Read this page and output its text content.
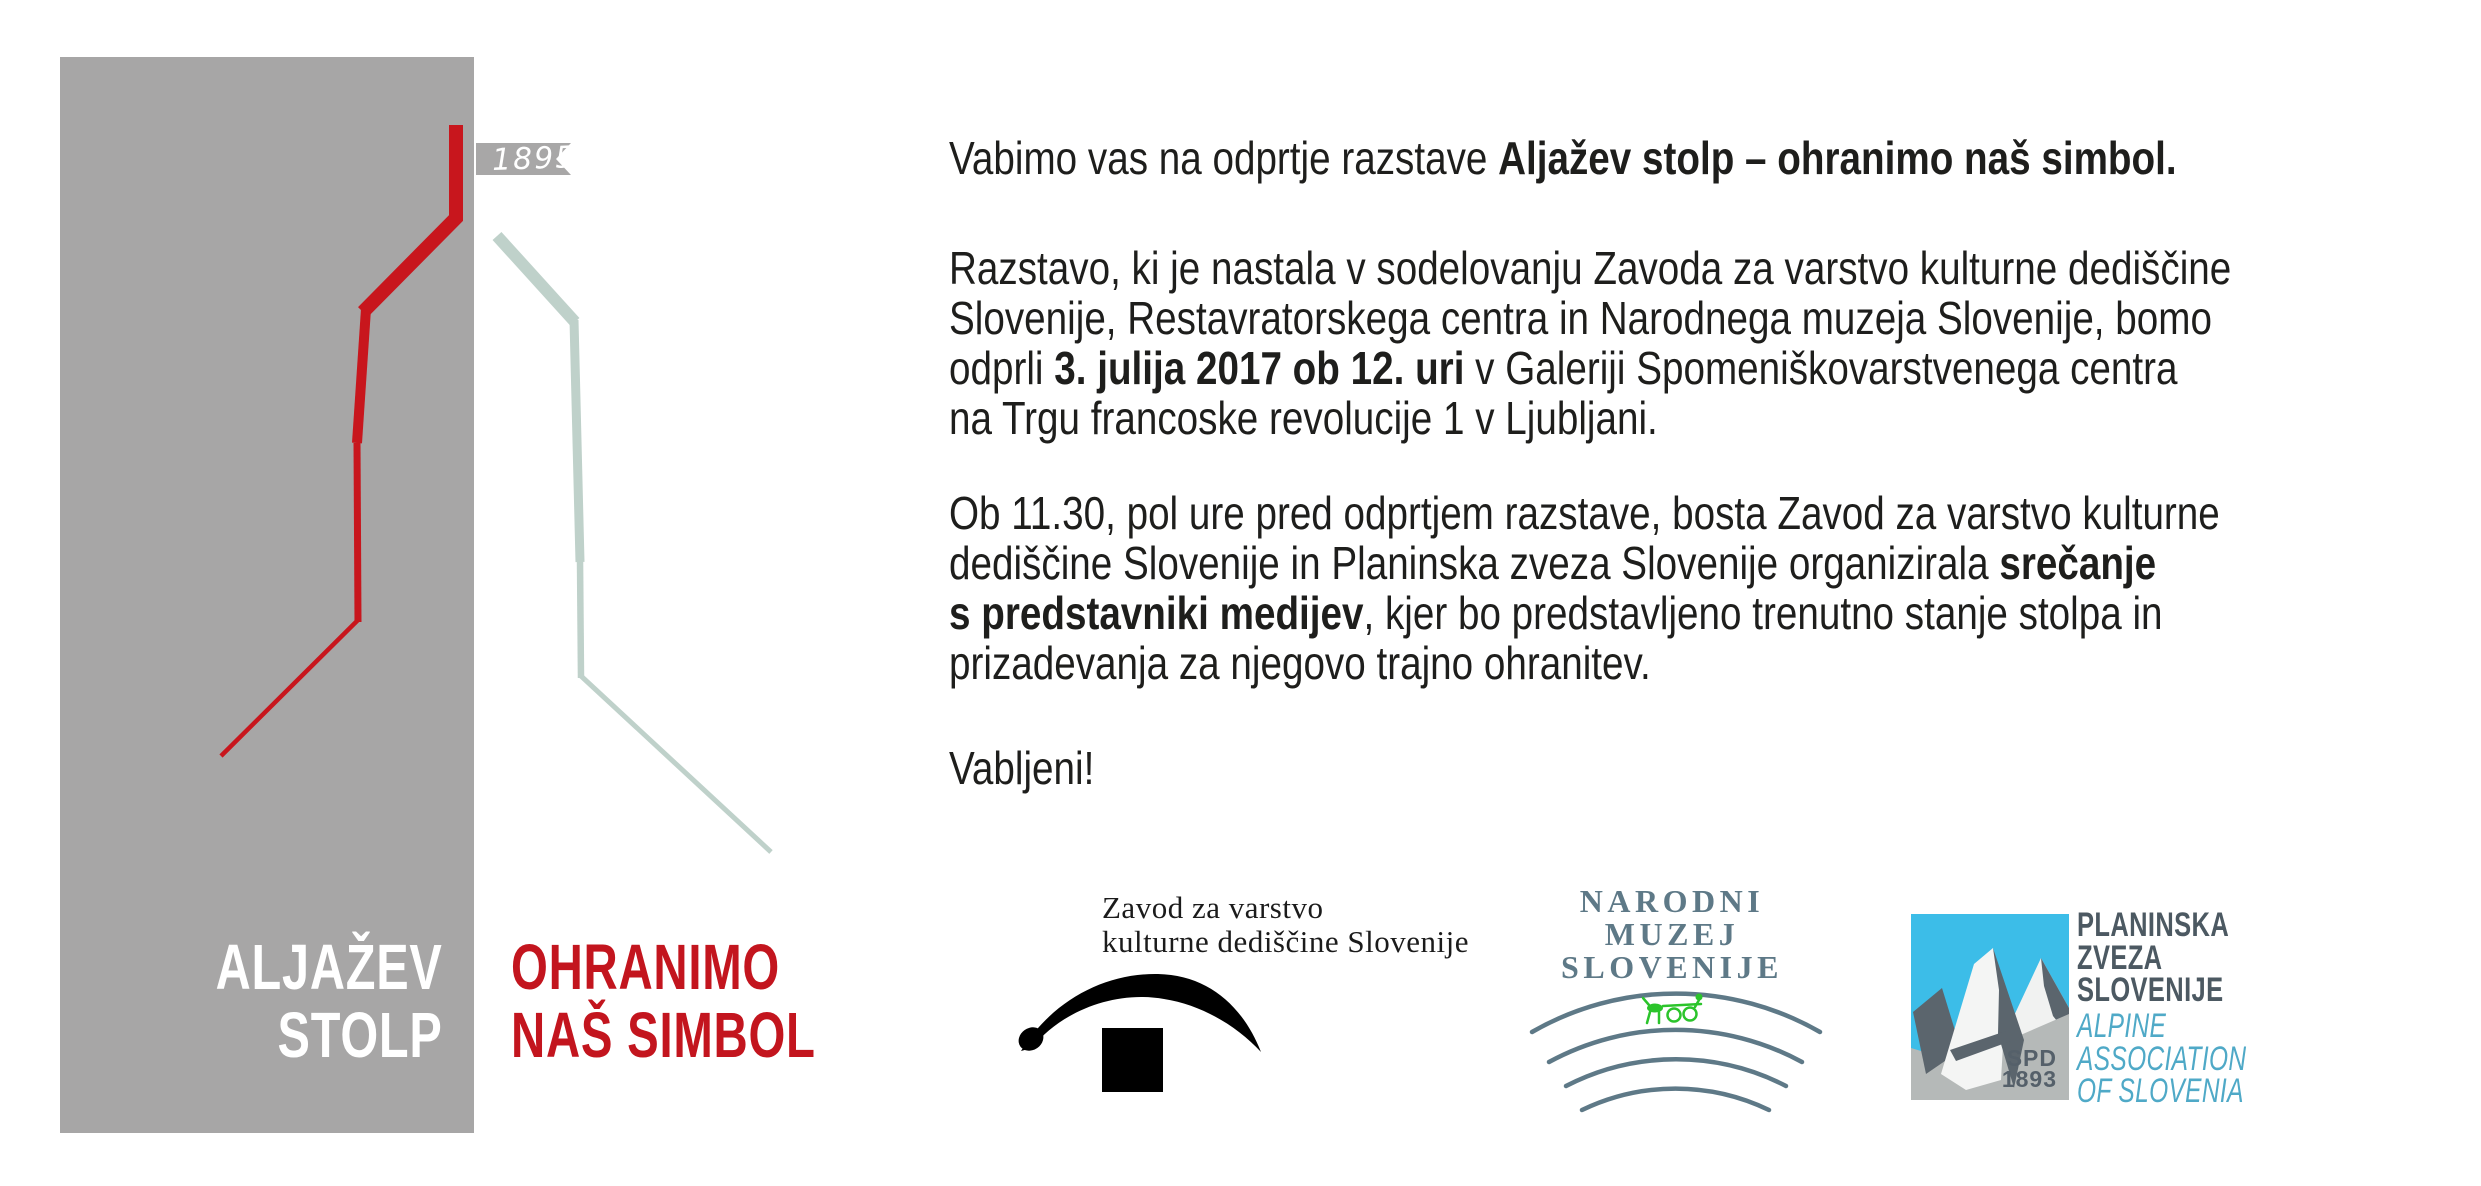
1895
SPD
1893
ALJAŽEV
STOLP
OHRANIMO
NAŠ SIMBOL
Vabimo vas na odprtje razstave Aljažev stolp – ohranimo naš simbol.
Razstavo, ki je nastala v sodelovanju Zavoda za varstvo kulturne dediščine
Slovenije, Restavratorskega centra in Narodnega muzeja Slovenije, bomo
odprli 3. julija 2017 ob 12. uri v Galeriji Spomeniškovarstvenega centra
na Trgu francoske revolucije 1 v Ljubljani.
Ob 11.30, pol ure pred odprtjem razstave, bosta Zavod za varstvo kulturne
dediščine Slovenije in Planinska zveza Slovenije organizirala srečanje
s predstavniki medijev, kjer bo predstavljeno trenutno stanje stolpa in
prizadevanja za njegovo trajno ohranitev.
Vabljeni!
Zavod za varstvo
kulturne dediščine Slovenije
NARODNI
MUZEJ
SLOVENIJE
PLANINSKA
ZVEZA
SLOVENIJE
ALPINE
ASSOCIATION
OF SLOVENIA
